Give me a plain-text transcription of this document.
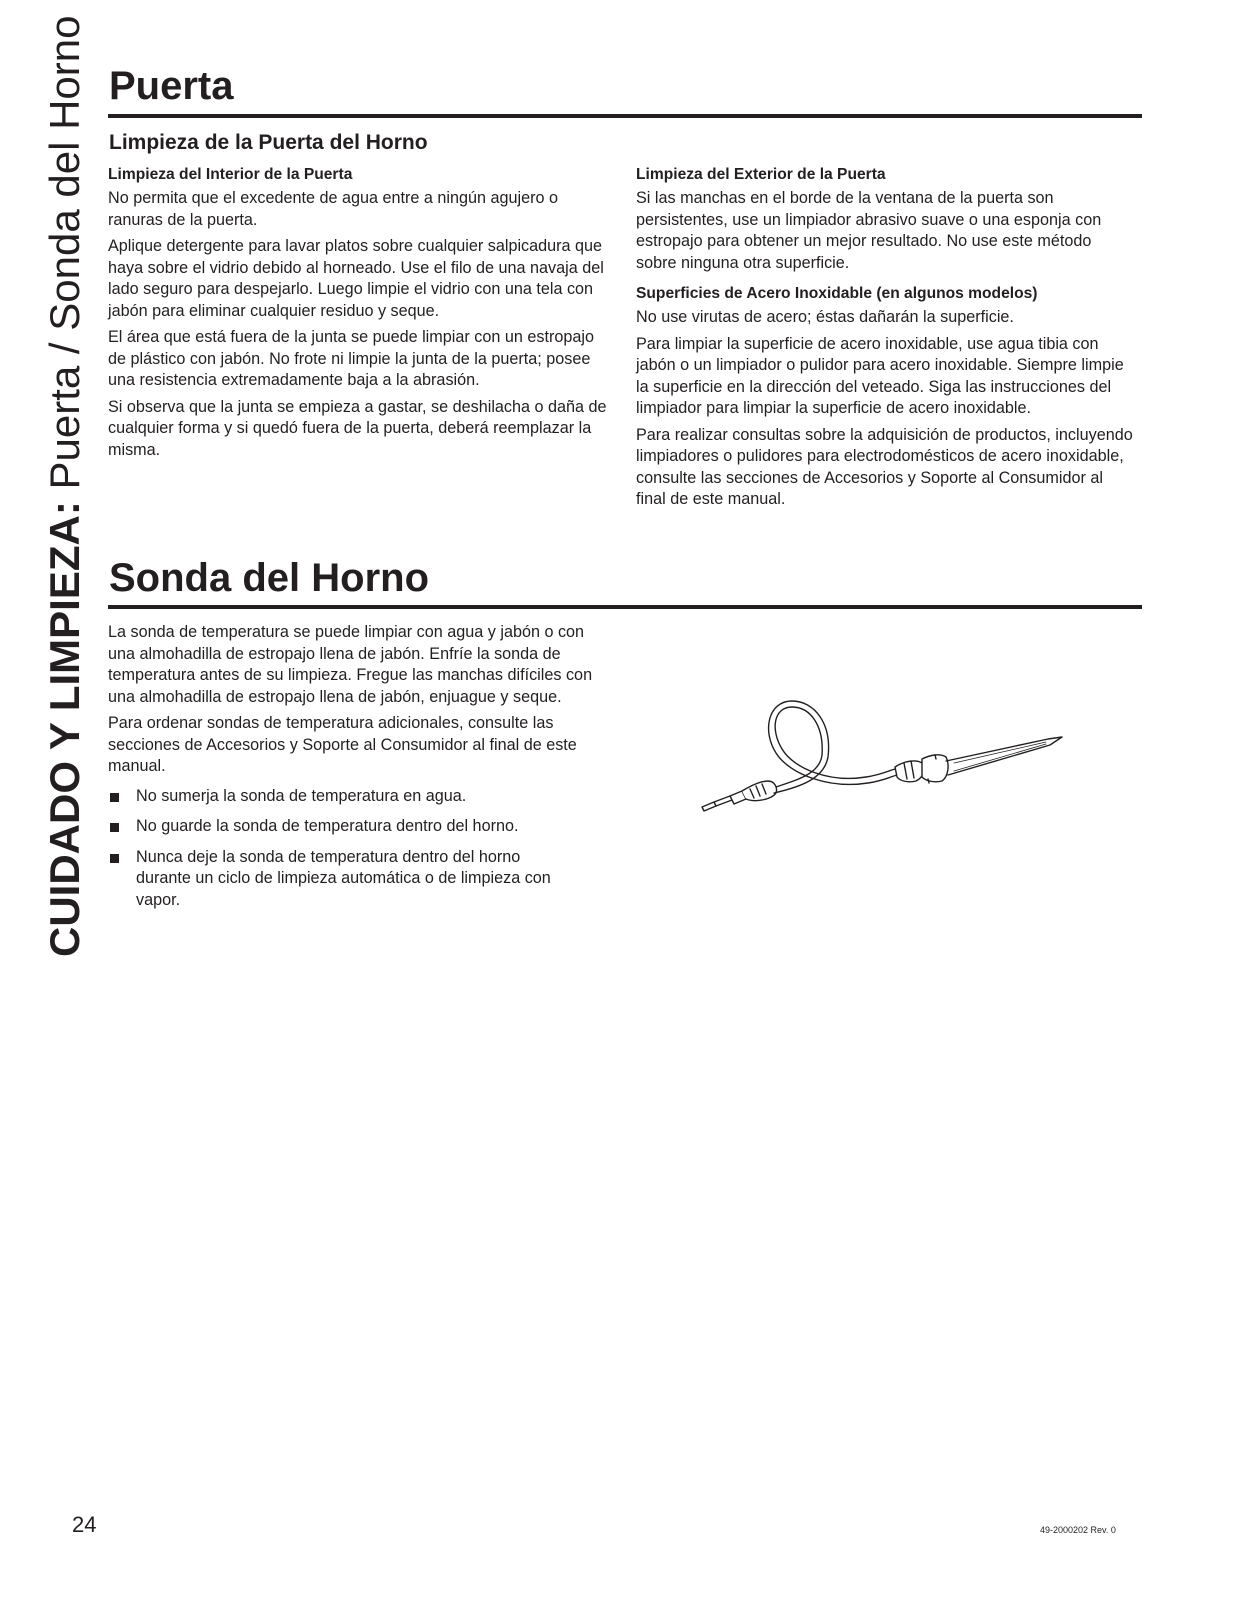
CUIDADO Y LIMPIEZA: Puerta / Sonda del Horno Puerta
Limpieza de la Puerta del Horno
Limpieza del Interior de la Puerta

No permita que el excedente de agua entre a ningún agujero o ranuras de la puerta.

Aplique detergente para lavar platos sobre cualquier salpicadura que haya sobre el vidrio debido al horneado. Use el filo de una navaja del lado seguro para despejarlo. Luego limpie el vidrio con una tela con jabón para eliminar cualquier residuo y seque.

El área que está fuera de la junta se puede limpiar con un estropajo de plástico con jabón. No frote ni limpie la junta de la puerta; posee una resistencia extremadamente baja a la abrasión.

Si observa que la junta se empieza a gastar, se deshilacha o daña de cualquier forma y si quedó fuera de la puerta, deberá reemplazar la misma.

Limpieza del Exterior de la Puerta

Si las manchas en el borde de la ventana de la puerta son persistentes, use un limpiador abrasivo suave o una esponja con estropajo para obtener un mejor resultado. No use este método sobre ninguna otra superficie.

Superficies de Acero Inoxidable (en algunos modelos)

No use virutas de acero; éstas dañarán la superficie.

Para limpiar la superficie de acero inoxidable, use agua tibia con jabón o un limpiador o pulidor para acero inoxidable. Siempre limpie la superficie en la dirección del veteado. Siga las instrucciones del limpiador para limpiar la superficie de acero inoxidable.

Para realizar consultas sobre la adquisición de productos, incluyendo limpiadores o pulidores para electrodomésticos de acero inoxidable, consulte las secciones de Accesorios y Soporte al Consumidor al final de este manual.

Sonda del Horno

La sonda de temperatura se puede limpiar con agua y jabón o con una almohadilla de estropajo llena de jabón. Enfríe la sonda de temperatura antes de su limpieza. Fregue las manchas difíciles con una almohadilla de estropajo llena de jabón, enjuague y seque.

Para ordenar sondas de temperatura adicionales, consulte las secciones de Accesorios y Soporte al Consumidor al final de este manual.

No sumerja la sonda de temperatura en agua.
No guarde la sonda de temperatura dentro del horno.
Nunca deje la sonda de temperatura dentro del horno durante un ciclo de limpieza automática o de limpieza con vapor.
24	49-2000202 Rev. 0
